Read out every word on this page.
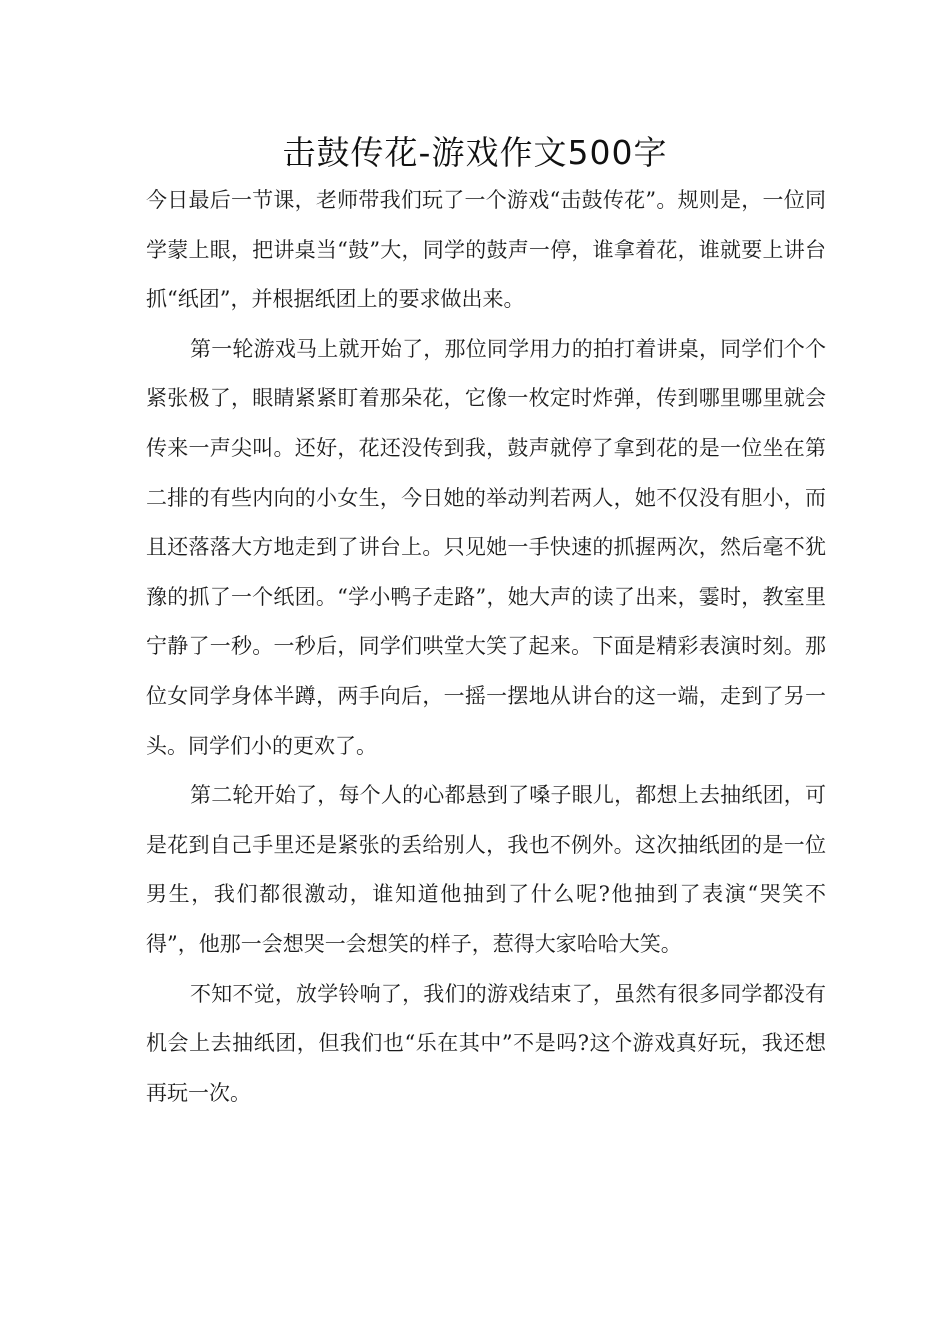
击鼓传花-游戏作文500字

今日最后一节课，老师带我们玩了一个游戏“击鼓传花”。规则是，一位同学蒙上眼，把讲桌当“鼓”大，同学的鼓声一停，谁拿着花，谁就要上讲台抓“纸团”，并根据纸团上的要求做出来。

第一轮游戏马上就开始了，那位同学用力的拍打着讲桌，同学们个个紧张极了，眼睛紧紧盯着那朵花，它像一枚定时炸弹，传到哪里哪里就会传来一声尖叫。还好，花还没传到我，鼓声就停了拿到花的是一位坐在第二排的有些内向的小女生，今日她的举动判若两人，她不仅没有胆小，而且还落落大方地走到了讲台上。只见她一手快速的抓握两次，然后毫不犹豫的抓了一个纸团。“学小鸭子走路”，她大声的读了出来，霎时，教室里宁静了一秒。一秒后，同学们哄堂大笑了起来。下面是精彩表演时刻。那位女同学身体半蹲，两手向后，一摇一摆地从讲台的这一端，走到了另一头。同学们小的更欢了。

第二轮开始了，每个人的心都悬到了嗓子眼儿，都想上去抽纸团，可是花到自己手里还是紧张的丢给别人，我也不例外。这次抽纸团的是一位男生，我们都很激动，谁知道他抽到了什么呢?他抽到了表演“哭笑不得”，他那一会想哭一会想笑的样子，惹得大家哈哈大笑。

不知不觉，放学铃响了，我们的游戏结束了，虽然有很多同学都没有机会上去抽纸团，但我们也“乐在其中”不是吗?这个游戏真好玩，我还想再玩一次。
